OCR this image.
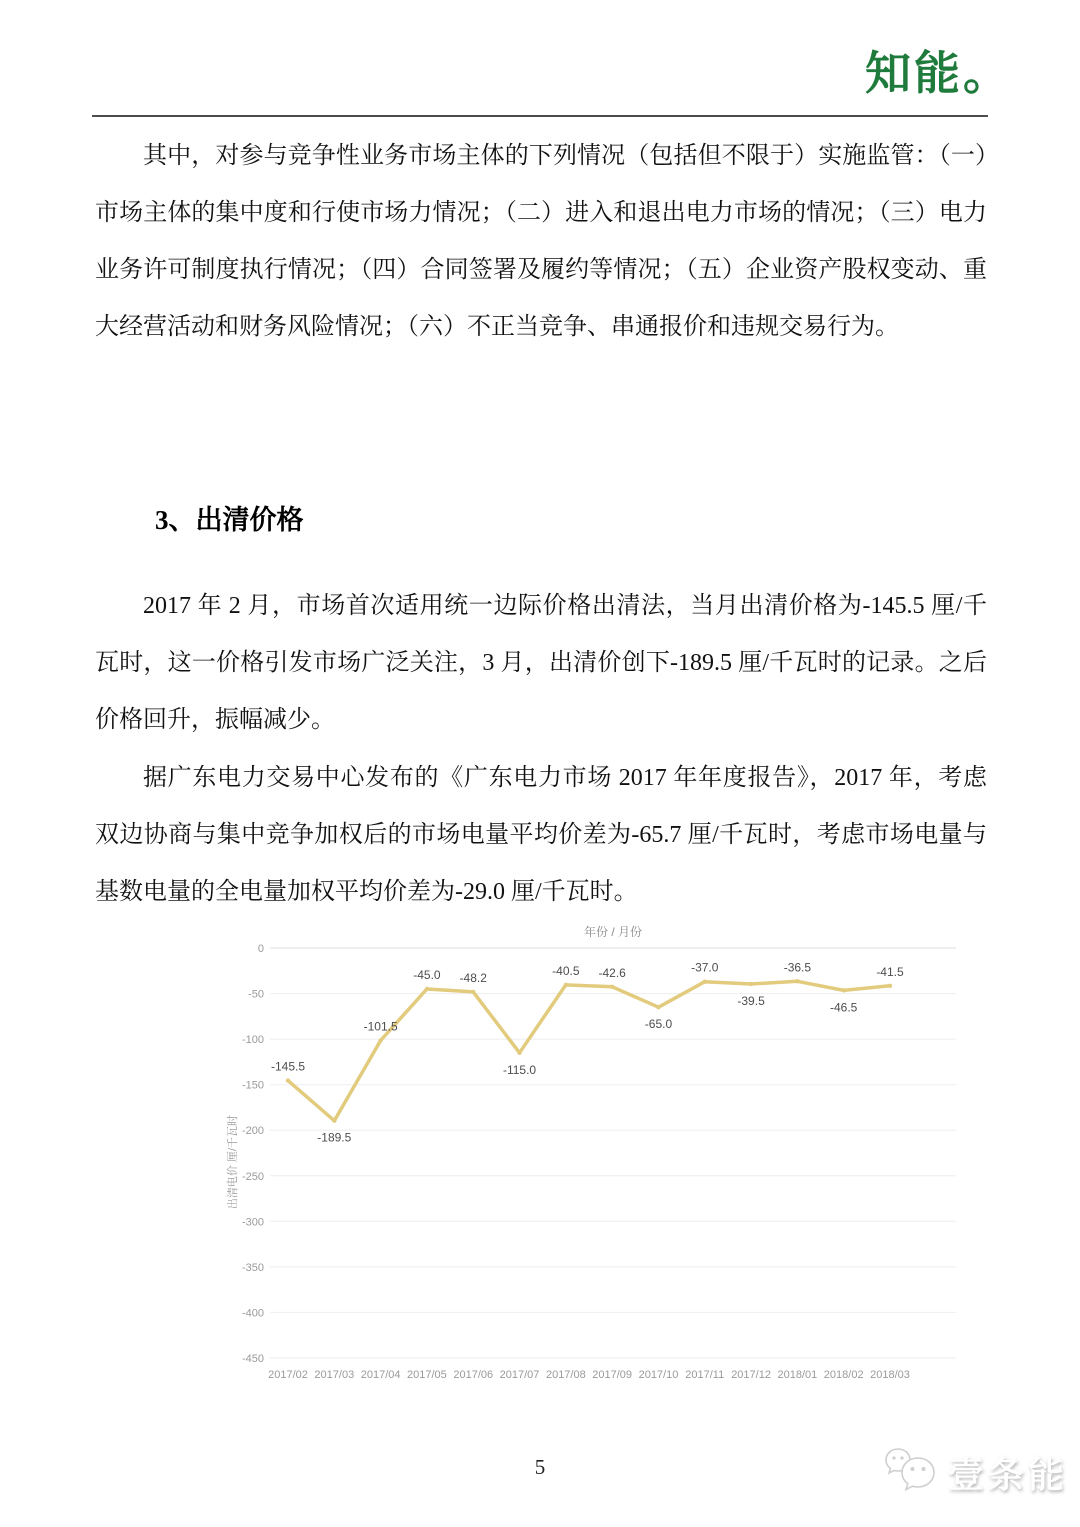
知能。

其中，对参与竞争性业务市场主体的下列情况（包括但不限于）实施监管：（一）市场主体的集中度和行使市场力情况；（二）进入和退出电力市场的情况；（三）电力业务许可制度执行情况；（四）合同签署及履约等情况；（五）企业资产股权变动、重大经营活动和财务风险情况；（六）不正当竞争、串通报价和违规交易行为。

3、出清价格

2017 年 2 月，市场首次适用统一边际价格出清法，当月出清价格为-145.5 厘/千瓦时，这一价格引发市场广泛关注，3 月，出清价创下-189.5 厘/千瓦时的记录。之后价格回升，振幅减少。

据广东电力交易中心发布的《广东电力市场 2017 年年度报告》，2017 年，考虑双边协商与集中竞争加权后的市场电量平均价差为-65.7 厘/千瓦时，考虑市场电量与基数电量的全电量加权平均价差为-29.0 厘/千瓦时。

年份 / 月份
出清电价 厘/千瓦时
0
-50
-100
-150
-200
-250
-300
-350
-400
-450
2017/02 2017/03 2017/04 2017/05 2017/06 2017/07 2017/08 2017/09 2017/10 2017/11 2017/12 2018/01 2018/02 2018/03
-145.5
-189.5
-101.5
-45.0 -48.2
-115.0
-40.5 -42.6
-65.0
-37.0
-39.5
-36.5
-46.5
-41.5
5	壹条能
